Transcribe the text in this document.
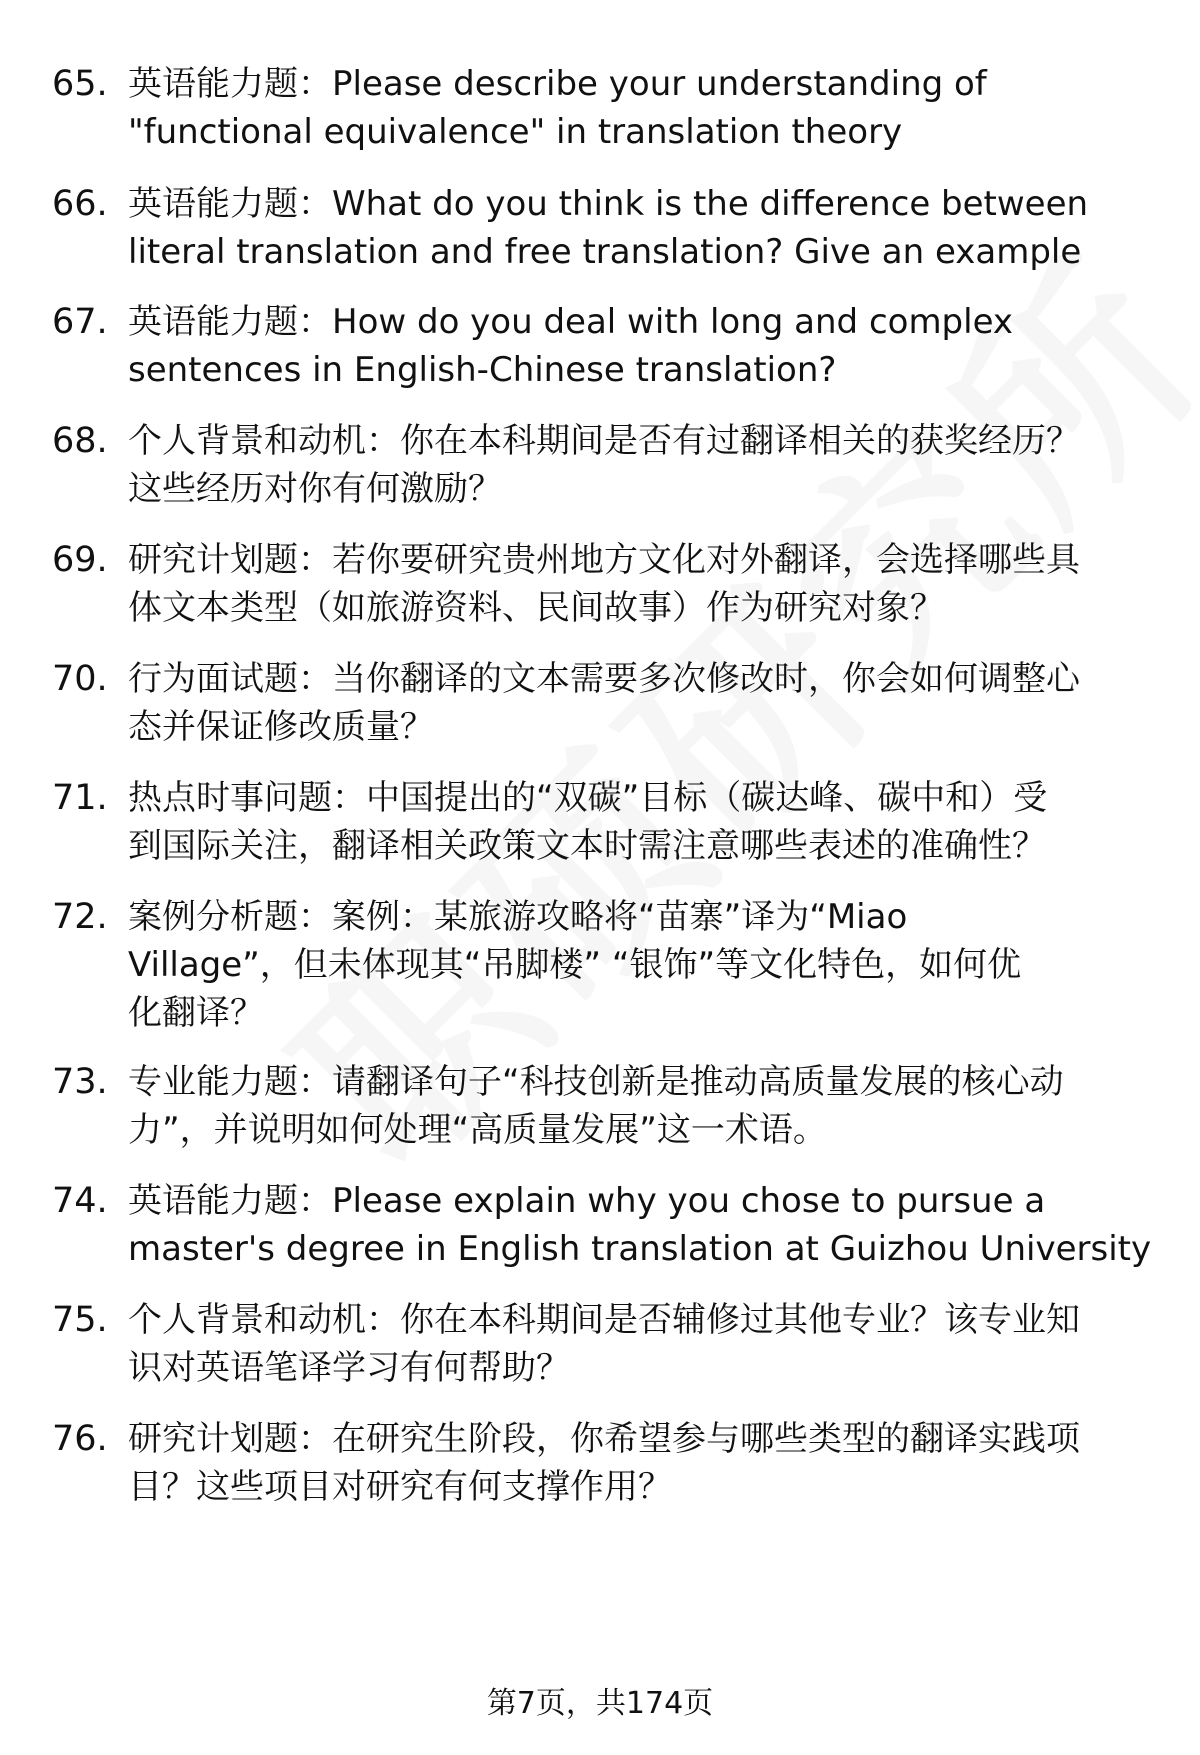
65. 英语能力题：Please describe your understanding of
"functional equivalence" in translation theory
66. 英语能力题：What do you think is the difference between
literal translation and free translation? Give an example
67. 英语能力题：How do you deal with long and complex
sentences in English-Chinese translation?
68. 个人背景和动机：你在本科期间是否有过翻译相关的获奖经历？
这些经历对你有何激励？
69. 研究计划题：若你要研究贵州地方文化对外翻译，会选择哪些具
体文本类型（如旅游资料、民间故事）作为研究对象？
70. 行为面试题：当你翻译的文本需要多次修改时，你会如何调整心
态并保证修改质量？
71. 热点时事问题：中国提出的“双碳”目标（碳达峰、碳中和）受
到国际关注，翻译相关政策文本时需注意哪些表述的准确性？
72. 案例分析题：案例：某旅游攻略将“苗寨”译为“Miao
Village”，但未体现其“吊脚楼” “银饰”等文化特色，如何优
化翻译？
73. 专业能力题：请翻译句子“科技创新是推动高质量发展的核心动
力”，并说明如何处理“高质量发展”这一术语。
74. 英语能力题：Please explain why you chose to pursue a
master's degree in English translation at Guizhou University
75. 个人背景和动机：你在本科期间是否辅修过其他专业？该专业知
识对英语笔译学习有何帮助？
76. 研究计划题：在研究生阶段，你希望参与哪些类型的翻译实践项
目？这些项目对研究有何支撑作用？
第7页，共174页
